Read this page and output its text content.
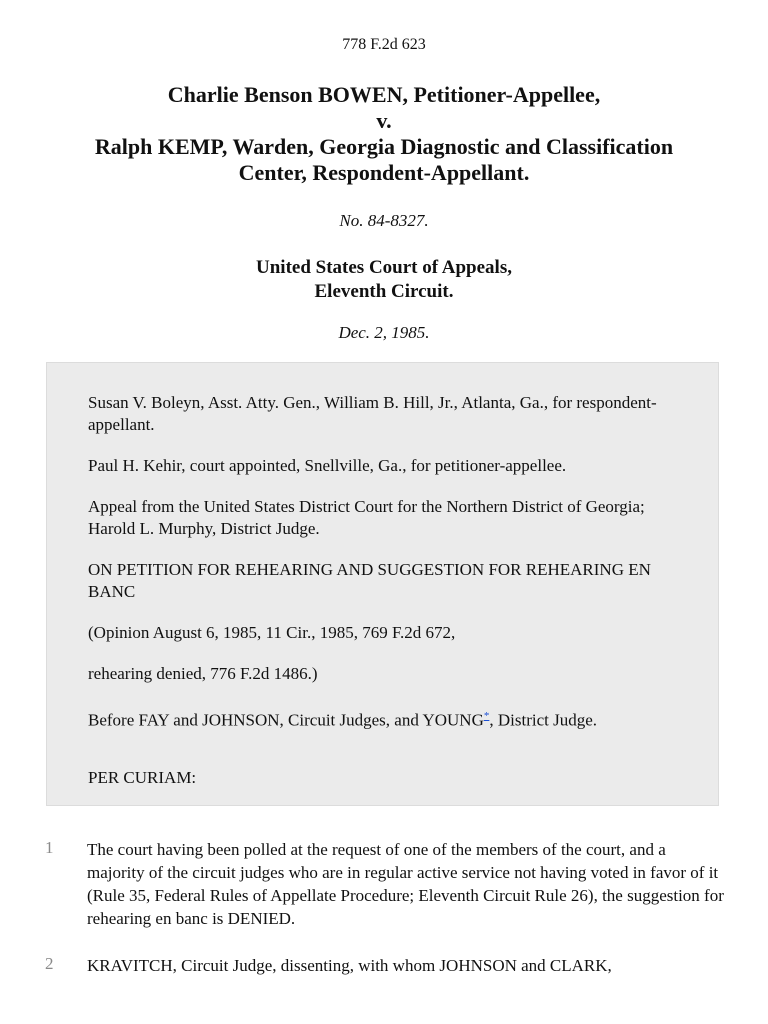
778 F.2d 623
Charlie Benson BOWEN, Petitioner-Appellee,
v.
Ralph KEMP, Warden, Georgia Diagnostic and Classification
Center, Respondent-Appellant.
No. 84-8327.
United States Court of Appeals,
Eleventh Circuit.
Dec. 2, 1985.
Susan V. Boleyn, Asst. Atty. Gen., William B. Hill, Jr., Atlanta, Ga., for respondent-appellant.
Paul H. Kehir, court appointed, Snellville, Ga., for petitioner-appellee.
Appeal from the United States District Court for the Northern District of Georgia; Harold L. Murphy, District Judge.
ON PETITION FOR REHEARING AND SUGGESTION FOR REHEARING EN BANC
(Opinion August 6, 1985, 11 Cir., 1985, 769 F.2d 672,
rehearing denied, 776 F.2d 1486.)
Before FAY and JOHNSON, Circuit Judges, and YOUNG*, District Judge.
PER CURIAM:
1 The court having been polled at the request of one of the members of the court, and a majority of the circuit judges who are in regular active service not having voted in favor of it (Rule 35, Federal Rules of Appellate Procedure; Eleventh Circuit Rule 26), the suggestion for rehearing en banc is DENIED.
2 KRAVITCH, Circuit Judge, dissenting, with whom JOHNSON and CLARK,
